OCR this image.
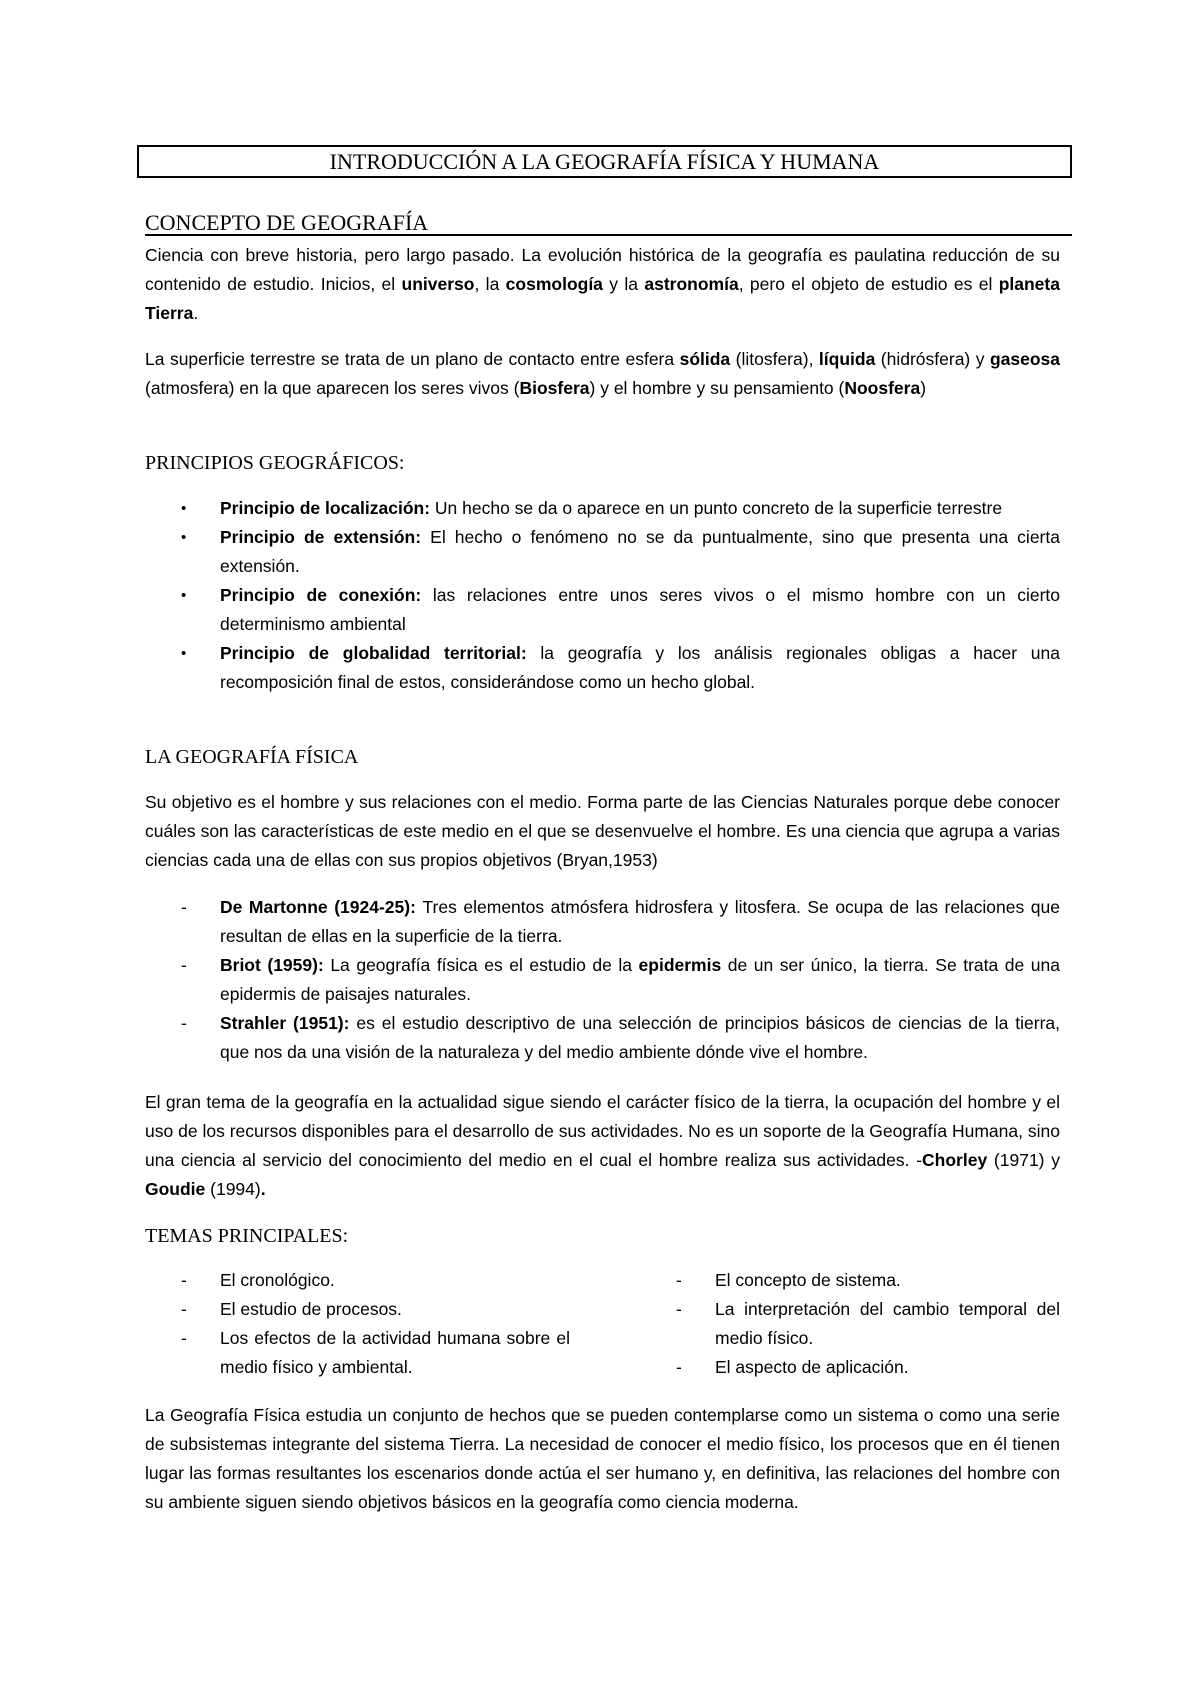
INTRODUCCIÓN A LA GEOGRAFÍA FÍSICA Y HUMANA
CONCEPTO DE GEOGRAFÍA
Ciencia con breve historia, pero largo pasado. La evolución histórica de la geografía es paulatina reducción de su contenido de estudio. Inicios, el universo, la cosmología y la astronomía, pero el objeto de estudio es el planeta Tierra.
La superficie terrestre se trata de un plano de contacto entre esfera sólida (litosfera), líquida (hidrósfera) y gaseosa (atmosfera) en la que aparecen los seres vivos (Biosfera) y el hombre y su pensamiento (Noosfera)
PRINCIPIOS GEOGRÁFICOS:
•	Principio de localización: Un hecho se da o aparece en un punto concreto de la superficie terrestre
•	Principio de extensión: El hecho o fenómeno no se da puntualmente, sino que presenta una cierta extensión.
•	Principio de conexión: las relaciones entre unos seres vivos o el mismo hombre con un cierto determinismo ambiental
•	Principio de globalidad territorial: la geografía y los análisis regionales obligas a hacer una recomposición final de estos, considerándose como un hecho global.
LA GEOGRAFÍA FÍSICA
Su objetivo es el hombre y sus relaciones con el medio. Forma parte de las Ciencias Naturales porque debe conocer cuáles son las características de este medio en el que se desenvuelve el hombre. Es una ciencia que agrupa a varias ciencias cada una de ellas con sus propios objetivos (Bryan,1953)
-	De Martonne (1924-25): Tres elementos atmósfera hidrosfera y litosfera. Se ocupa de las relaciones que resultan de ellas en la superficie de la tierra.
-	Briot (1959): La geografía física es el estudio de la epidermis de un ser único, la tierra. Se trata de una epidermis de paisajes naturales.
-	Strahler (1951): es el estudio descriptivo de una selección de principios básicos de ciencias de la tierra, que nos da una visión de la naturaleza y del medio ambiente dónde vive el hombre.
El gran tema de la geografía en la actualidad sigue siendo el carácter físico de la tierra, la ocupación del hombre y el uso de los recursos disponibles para el desarrollo de sus actividades. No es un soporte de la Geografía Humana, sino una ciencia al servicio del conocimiento del medio en el cual el hombre realiza sus actividades. -Chorley (1971) y Goudie (1994).
TEMAS PRINCIPALES:
- El cronológico.
- El estudio de procesos.
- Los efectos de la actividad humana sobre el medio físico y ambiental.
- El concepto de sistema.
- La interpretación del cambio temporal del medio físico.
- El aspecto de aplicación.
La Geografía Física estudia un conjunto de hechos que se pueden contemplarse como un sistema o como una serie de subsistemas integrante del sistema Tierra. La necesidad de conocer el medio físico, los procesos que en él tienen lugar las formas resultantes los escenarios donde actúa el ser humano y, en definitiva, las relaciones del hombre con su ambiente siguen siendo objetivos básicos en la geografía como ciencia moderna.
